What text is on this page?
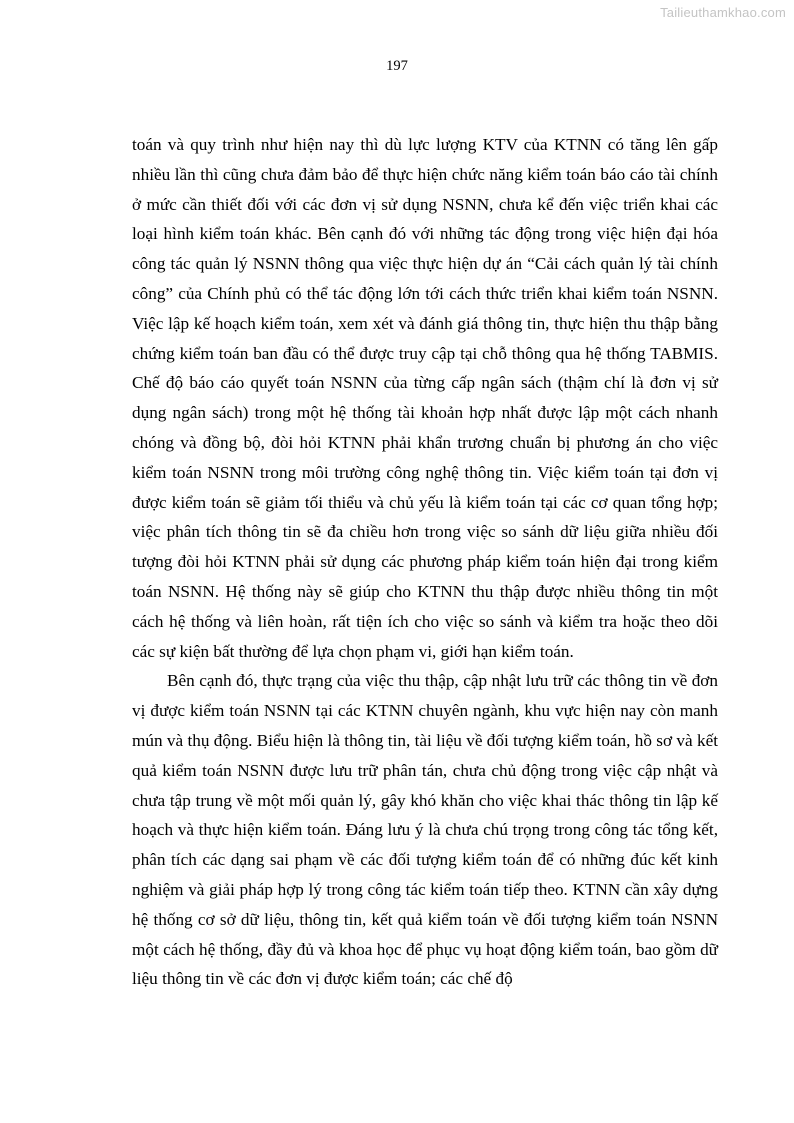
Tailieuthamkhao.com
197

toán và quy trình như hiện nay thì dù lực lượng KTV của KTNN có tăng lên gấp nhiều lần thì cũng chưa đảm bảo để thực hiện chức năng kiểm toán báo cáo tài chính ở mức cần thiết đối với các đơn vị sử dụng NSNN, chưa kể đến việc triển khai các loại hình kiểm toán khác. Bên cạnh đó với những tác động trong việc hiện đại hóa công tác quản lý NSNN thông qua việc thực hiện dự án “Cải cách quản lý tài chính công” của Chính phủ có thể tác động lớn tới cách thức triển khai kiểm toán NSNN. Việc lập kế hoạch kiểm toán, xem xét và đánh giá thông tin, thực hiện thu thập bằng chứng kiểm toán ban đầu có thể được truy cập tại chỗ thông qua hệ thống TABMIS. Chế độ báo cáo quyết toán NSNN của từng cấp ngân sách (thậm chí là đơn vị sử dụng ngân sách) trong một hệ thống tài khoản hợp nhất được lập một cách nhanh chóng và đồng bộ, đòi hỏi KTNN phải khẩn trương chuẩn bị phương án cho việc kiểm toán NSNN trong môi trường công nghệ thông tin. Việc kiểm toán tại đơn vị được kiểm toán sẽ giảm tối thiểu và chủ yếu là kiểm toán tại các cơ quan tổng hợp; việc phân tích thông tin sẽ đa chiều hơn trong việc so sánh dữ liệu giữa nhiều đối tượng đòi hỏi KTNN phải sử dụng các phương pháp kiểm toán hiện đại trong kiểm toán NSNN. Hệ thống này sẽ giúp cho KTNN thu thập được nhiều thông tin một cách hệ thống và liên hoàn, rất tiện ích cho việc so sánh và kiểm tra hoặc theo dõi các sự kiện bất thường để lựa chọn phạm vi, giới hạn kiểm toán.

Bên cạnh đó, thực trạng của việc thu thập, cập nhật lưu trữ các thông tin về đơn vị được kiểm toán NSNN tại các KTNN chuyên ngành, khu vực hiện nay còn manh mún và thụ động. Biểu hiện là thông tin, tài liệu về đối tượng kiểm toán, hồ sơ và kết quả kiểm toán NSNN được lưu trữ phân tán, chưa chủ động trong việc cập nhật và chưa tập trung về một mối quản lý, gây khó khăn cho việc khai thác thông tin lập kế hoạch và thực hiện kiểm toán. Đáng lưu ý là chưa chú trọng trong công tác tổng kết, phân tích các dạng sai phạm về các đối tượng kiểm toán để có những đúc kết kinh nghiệm và giải pháp hợp lý trong công tác kiểm toán tiếp theo. KTNN cần xây dựng hệ thống cơ sở dữ liệu, thông tin, kết quả kiểm toán về đối tượng kiểm toán NSNN một cách hệ thống, đầy đủ và khoa học để phục vụ hoạt động kiểm toán, bao gồm dữ liệu thông tin về các đơn vị được kiểm toán; các chế độ
